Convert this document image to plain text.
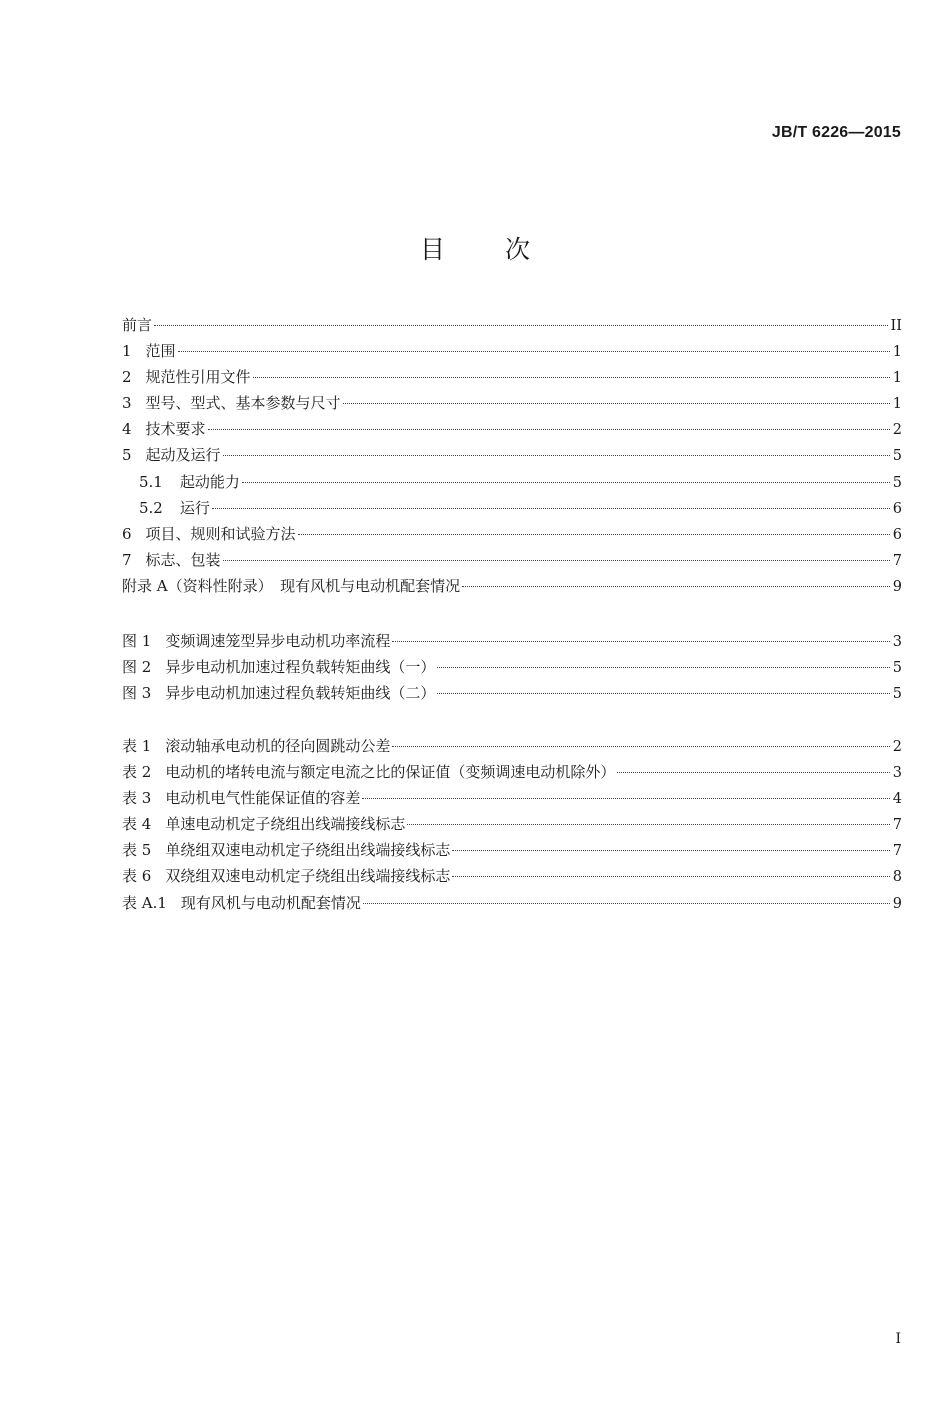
JB/T 6226—2015
目 次
前言	II
1 范围	1
2 规范性引用文件	1
3 型号、型式、基本参数与尺寸	1
4 技术要求	2
5 起动及运行	5
5.1 起动能力	5
5.2 运行	6
6 项目、规则和试验方法	6
7 标志、包装	7
附录 A （资料性附录）　现有风机与电动机配套情况	9
图 1 变频调速笼型异步电动机功率流程	3
图 2 异步电动机加速过程负载转矩曲线（一）	5
图 3 异步电动机加速过程负载转矩曲线（二）	5
表 1 滚动轴承电动机的径向圆跳动公差	2
表 2 电动机的堵转电流与额定电流之比的保证值（变频调速电动机除外）	3
表 3 电动机电气性能保证值的容差	4
表 4 单速电动机定子绕组出线端接线标志	7
表 5 单绕组双速电动机定子绕组出线端接线标志	7
表 6 双绕组双速电动机定子绕组出线端接线标志	8
表 A.1 现有风机与电动机配套情况	9
I
